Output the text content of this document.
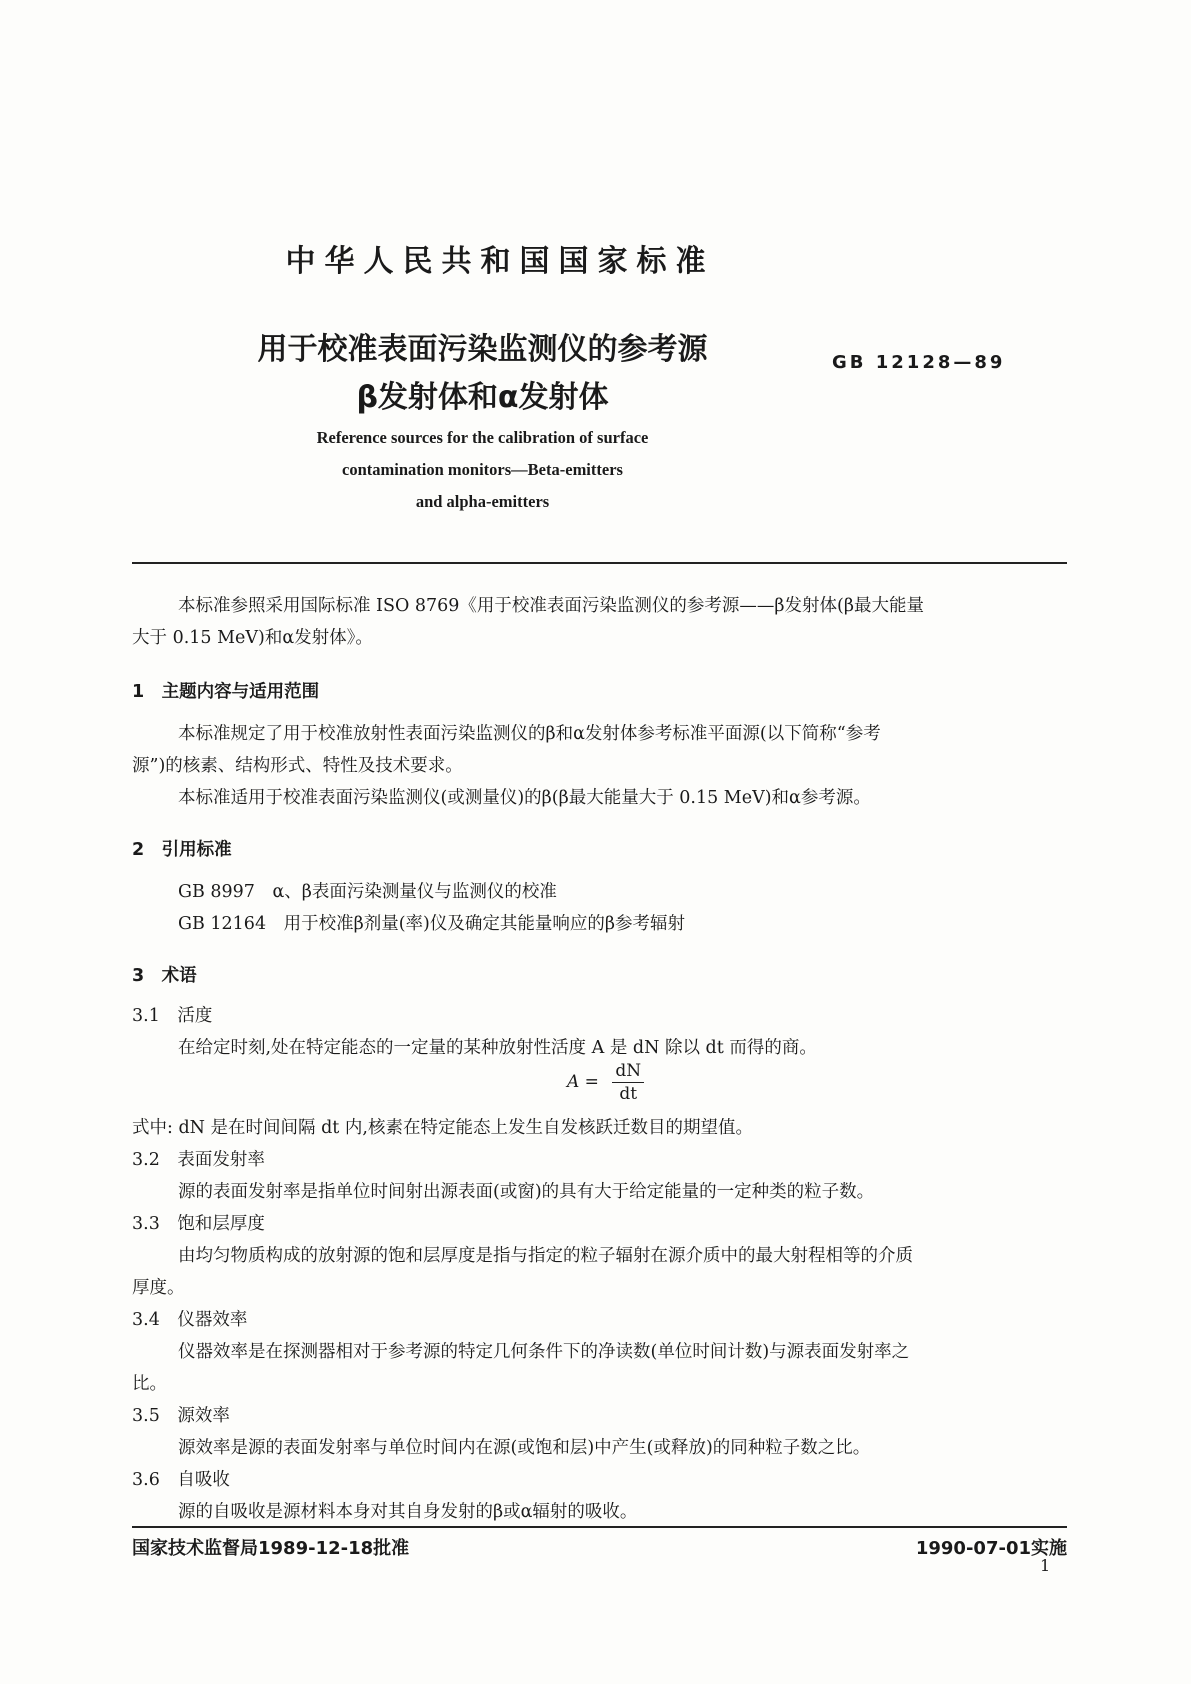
中华人民共和国国家标准
用于校准表面污染监测仪的参考源
β发射体和α发射体
GB 12128—89
Reference sources for the calibration of surface
contamination monitors—Beta-emitters
and alpha-emitters
本标准参照采用国际标准 ISO 8769《用于校准表面污染监测仪的参考源——β发射体(β最大能量
大于 0.15 MeV)和α发射体》。
1　主题内容与适用范围
本标准规定了用于校准放射性表面污染监测仪的β和α发射体参考标准平面源(以下简称“参考
源”)的核素、结构形式、特性及技术要求。
本标准适用于校准表面污染监测仪(或测量仪)的β(β最大能量大于 0.15 MeV)和α参考源。
2　引用标准
GB 8997　α、β表面污染测量仪与监测仪的校准
GB 12164　用于校准β剂量(率)仪及确定其能量响应的β参考辐射
3　术语
3.1　活度
在给定时刻,处在特定能态的一定量的某种放射性活度 A 是 dN 除以 dt 而得的商。
$A = \frac{dN}{dt}$
式中: dN 是在时间间隔 dt 内,核素在特定能态上发生自发核跃迁数目的期望值。
3.2　表面发射率
源的表面发射率是指单位时间射出源表面(或窗)的具有大于给定能量的一定种类的粒子数。
3.3　饱和层厚度
由均匀物质构成的放射源的饱和层厚度是指与指定的粒子辐射在源介质中的最大射程相等的介质
厚度。
3.4　仪器效率
仪器效率是在探测器相对于参考源的特定几何条件下的净读数(单位时间计数)与源表面发射率之
比。
3.5　源效率
源效率是源的表面发射率与单位时间内在源(或饱和层)中产生(或释放)的同种粒子数之比。
3.6　自吸收
源的自吸收是源材料本身对其自身发射的β或α辐射的吸收。
国家技术监督局1989-12-18批准	1990-07-01实施
1
